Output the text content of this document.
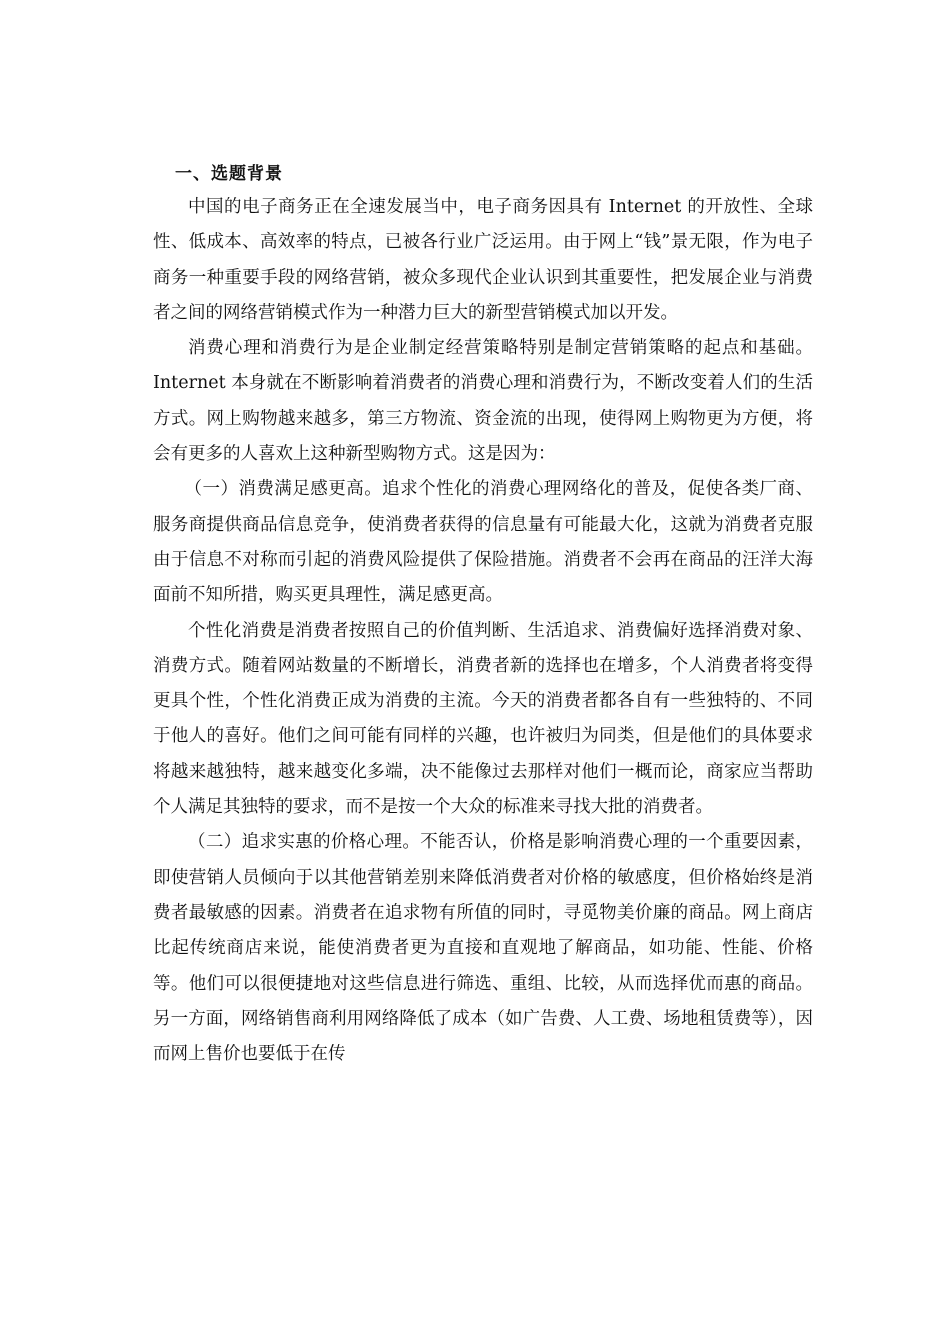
一、选题背景

中国的电子商务正在全速发展当中，电子商务因具有 Internet 的开放性、全球性、低成本、高效率的特点，已被各行业广泛运用。由于网上“钱”景无限，作为电子商务一种重要手段的网络营销，被众多现代企业认识到其重要性，把发展企业与消费者之间的网络营销模式作为一种潜力巨大的新型营销模式加以开发。

消费心理和消费行为是企业制定经营策略特别是制定营销策略的起点和基础。Internet 本身就在不断影响着消费者的消费心理和消费行为，不断改变着人们的生活方式。网上购物越来越多，第三方物流、资金流的出现，使得网上购物更为方便，将会有更多的人喜欢上这种新型购物方式。这是因为：

（一）消费满足感更高。追求个性化的消费心理网络化的普及，促使各类厂商、服务商提供商品信息竞争，使消费者获得的信息量有可能最大化，这就为消费者克服由于信息不对称而引起的消费风险提供了保险措施。消费者不会再在商品的汪洋大海面前不知所措，购买更具理性，满足感更高。

个性化消费是消费者按照自己的价值判断、生活追求、消费偏好选择消费对象、消费方式。随着网站数量的不断增长，消费者新的选择也在增多，个人消费者将变得更具个性，个性化消费正成为消费的主流。今天的消费者都各自有一些独特的、不同于他人的喜好。他们之间可能有同样的兴趣，也许被归为同类，但是他们的具体要求将越来越独特，越来越变化多端，决不能像过去那样对他们一概而论，商家应当帮助个人满足其独特的要求，而不是按一个大众的标准来寻找大批的消费者。

（二）追求实惠的价格心理。不能否认，价格是影响消费心理的一个重要因素，即使营销人员倾向于以其他营销差别来降低消费者对价格的敏感度，但价格始终是消费者最敏感的因素。消费者在追求物有所值的同时，寻觅物美价廉的商品。网上商店比起传统商店来说，能使消费者更为直接和直观地了解商品，如功能、性能、价格等。他们可以很便捷地对这些信息进行筛选、重组、比较，从而选择优而惠的商品。另一方面，网络销售商利用网络降低了成本（如广告费、人工费、场地租赁费等），因而网上售价也要低于在传
